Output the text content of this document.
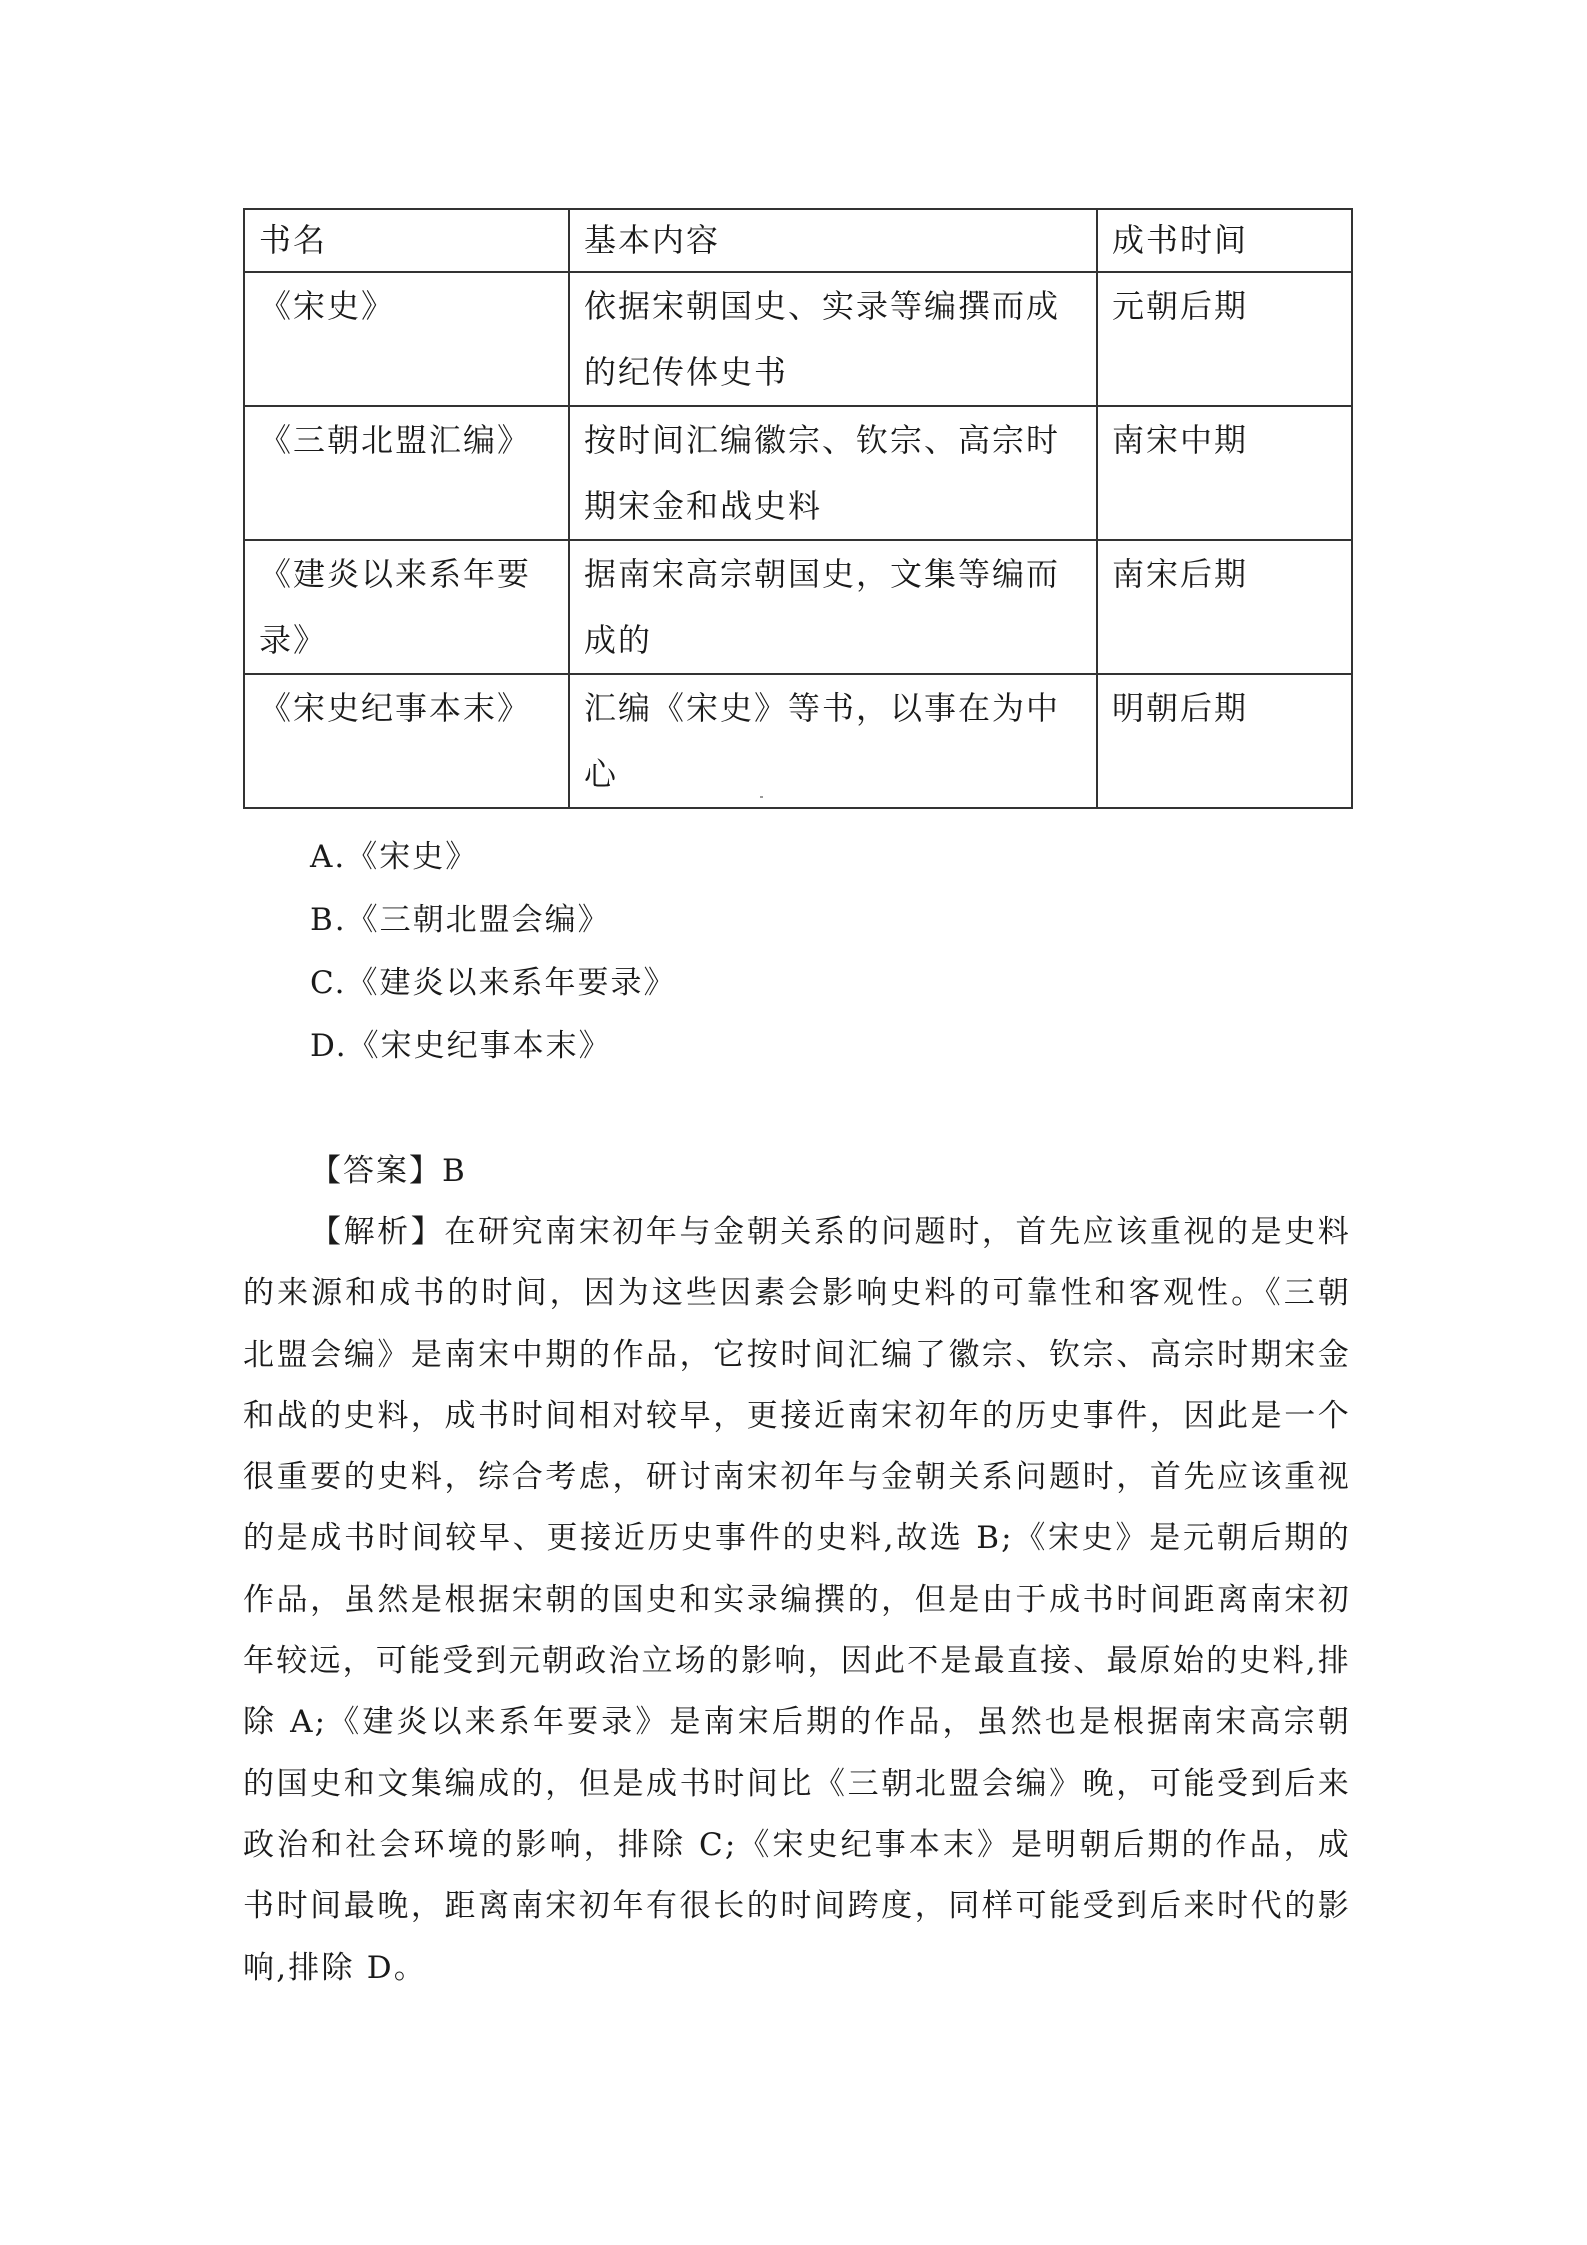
书名	基本内容	成书时间
《宋史》	依据宋朝国史、实录等编撰而成的纪传体史书	元朝后期
《三朝北盟汇编》	按时间汇编徽宗、钦宗、高宗时期宋金和战史料	南宋中期
《建炎以来系年要录》	据南宋高宗朝国史，文集等编而成的	南宋后期
《宋史纪事本末》	汇编《宋史》等书，以事在为中心	明朝后期
A.《宋史》
B.《三朝北盟会编》
C.《建炎以来系年要录》
D.《宋史纪事本末》
【答案】B
【解析】在研究南宋初年与金朝关系的问题时，首先应该重视的是史料的来源和成书的时间，因为这些因素会影响史料的可靠性和客观性。《三朝北盟会编》是南宋中期的作品，它按时间汇编了徽宗、钦宗、高宗时期宋金和战的史料，成书时间相对较早，更接近南宋初年的历史事件，因此是一个很重要的史料，综合考虑，研讨南宋初年与金朝关系问题时，首先应该重视的是成书时间较早、更接近历史事件的史料,故选 B;《宋史》是元朝后期的作品，虽然是根据宋朝的国史和实录编撰的，但是由于成书时间距离南宋初年较远，可能受到元朝政治立场的影响，因此不是最直接、最原始的史料,排除 A;《建炎以来系年要录》是南宋后期的作品，虽然也是根据南宋高宗朝的国史和文集编成的，但是成书时间比《三朝北盟会编》晚，可能受到后来政治和社会环境的影响，排除 C;《宋史纪事本末》是明朝后期的作品，成书时间最晚，距离南宋初年有很长的时间跨度，同样可能受到后来时代的影响,排除 D。
